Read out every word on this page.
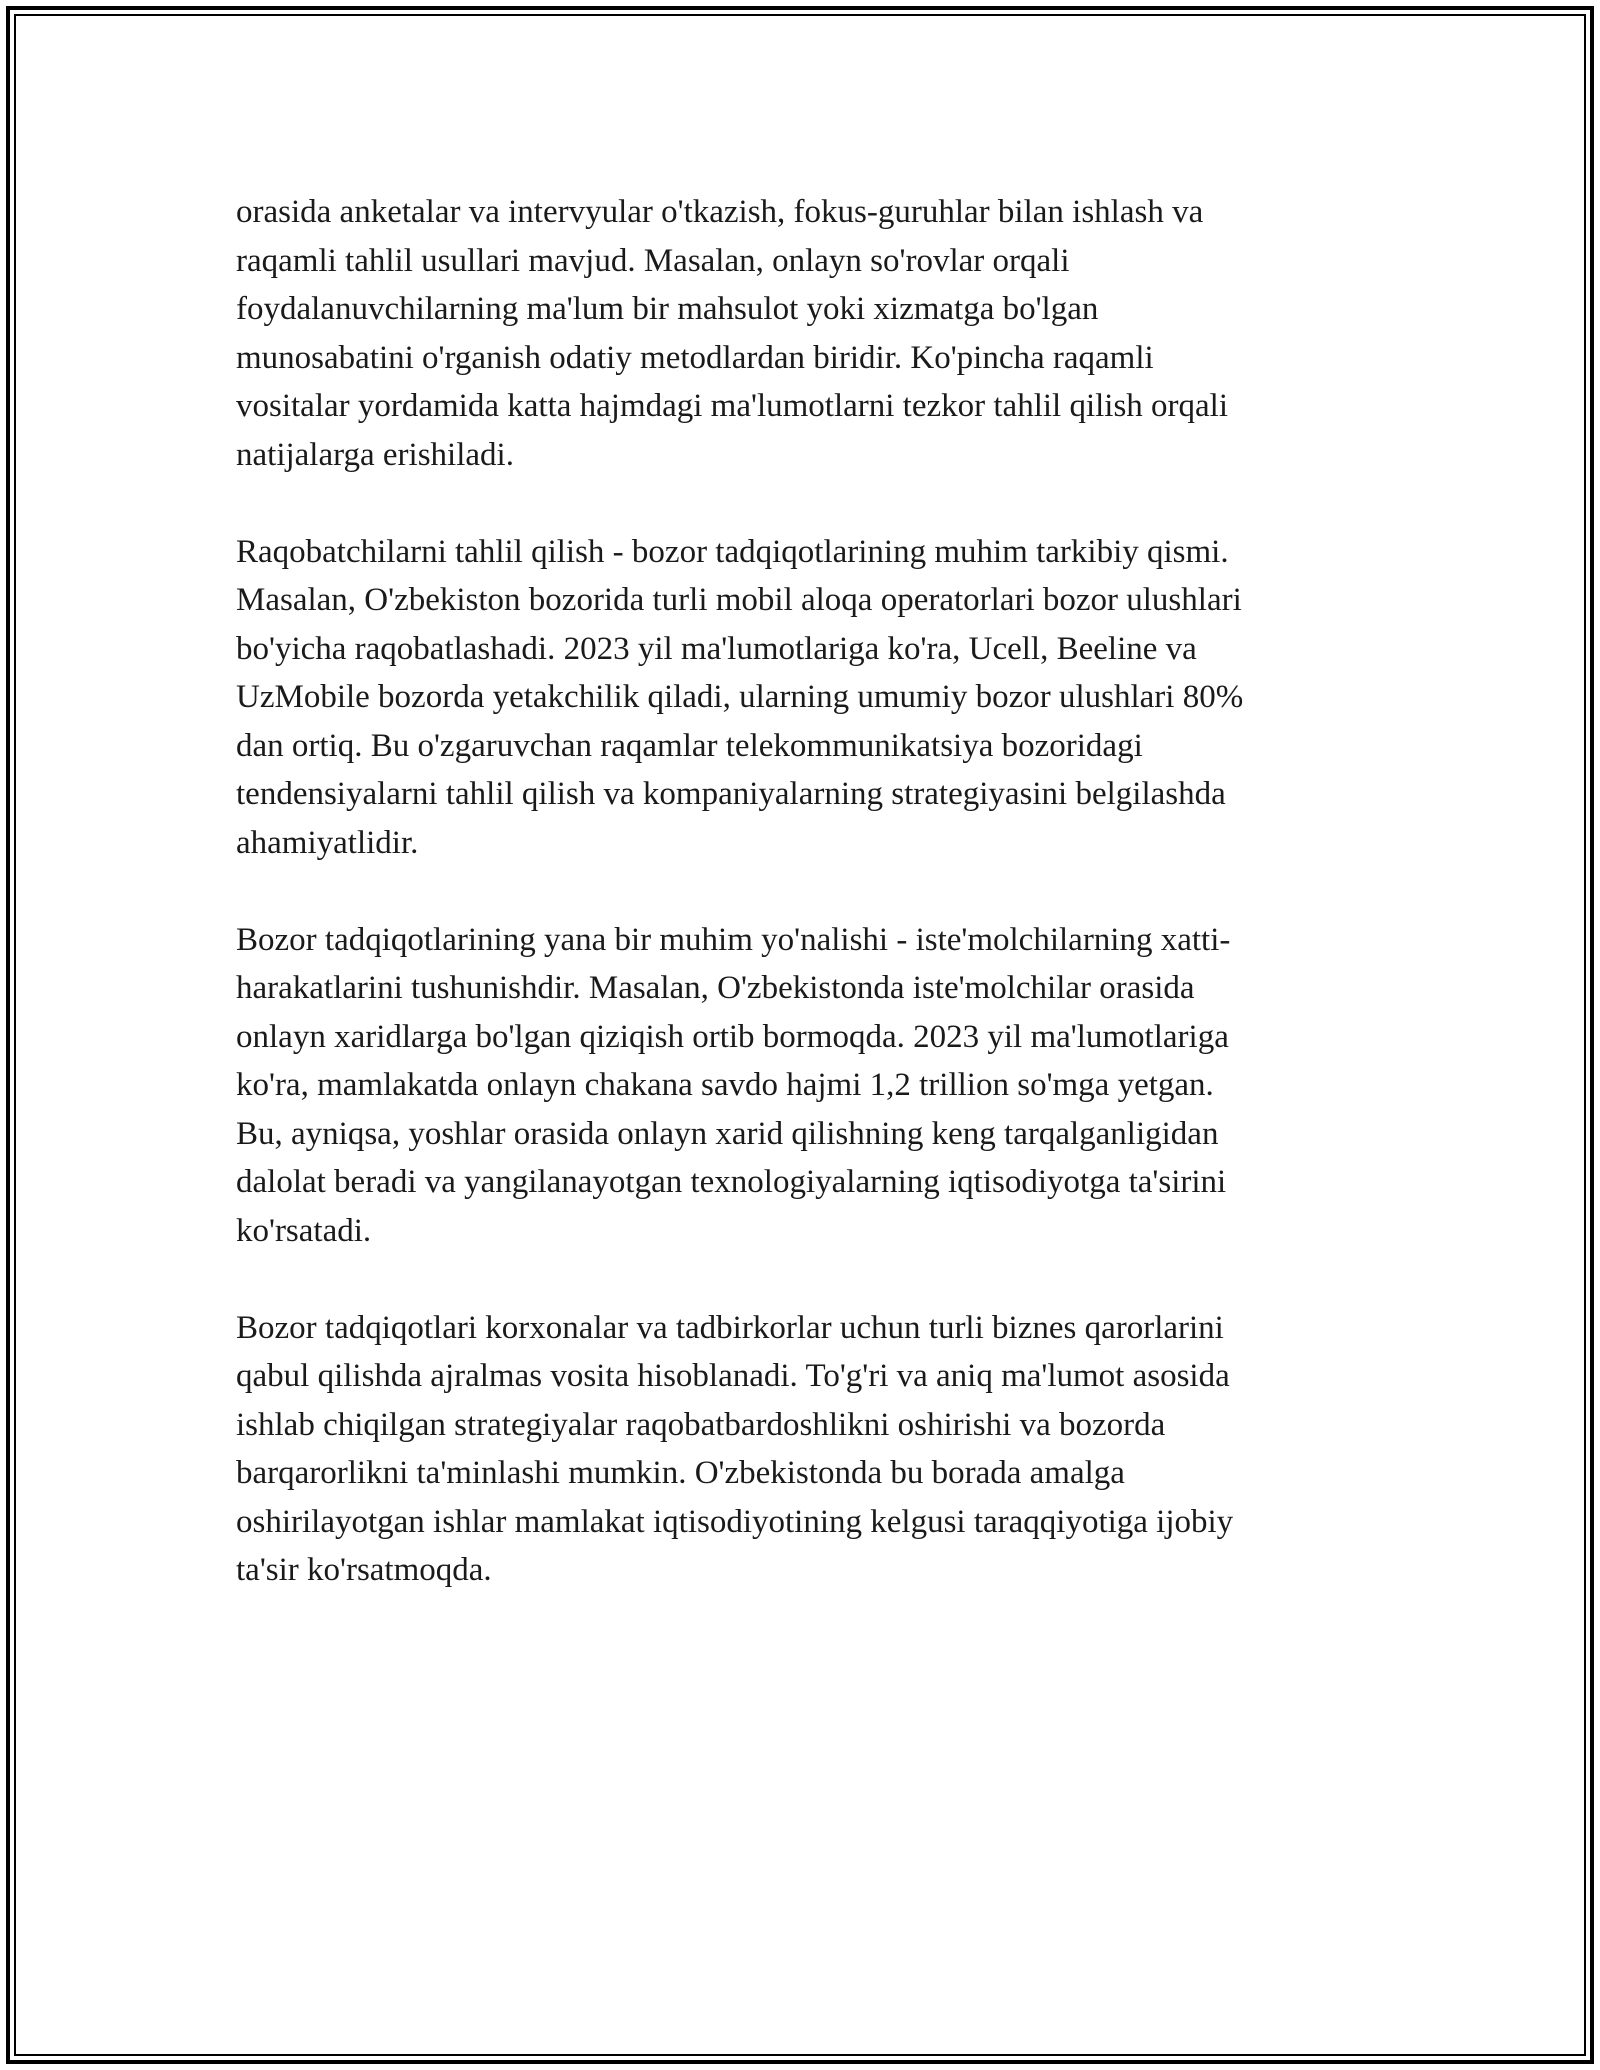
orasida anketalar va intervyular o'tkazish, fokus-guruhlar bilan ishlash va
raqamli tahlil usullari mavjud. Masalan, onlayn so'rovlar orqali
foydalanuvchilarning ma'lum bir mahsulot yoki xizmatga bo'lgan
munosabatini o'rganish odatiy metodlardan biridir. Ko'pincha raqamli
vositalar yordamida katta hajmdagi ma'lumotlarni tezkor tahlil qilish orqali
natijalarga erishiladi.

Raqobatchilarni tahlil qilish - bozor tadqiqotlarining muhim tarkibiy qismi.
Masalan, O'zbekiston bozorida turli mobil aloqa operatorlari bozor ulushlari
bo'yicha raqobatlashadi. 2023 yil ma'lumotlariga ko'ra, Ucell, Beeline va
UzMobile bozorda yetakchilik qiladi, ularning umumiy bozor ulushlari 80%
dan ortiq. Bu o'zgaruvchan raqamlar telekommunikatsiya bozoridagi
tendensiyalarni tahlil qilish va kompaniyalarning strategiyasini belgilashda
ahamiyatlidir.

Bozor tadqiqotlarining yana bir muhim yo'nalishi - iste'molchilarning xatti-
harakatlarini tushunishdir. Masalan, O'zbekistonda iste'molchilar orasida
onlayn xaridlarga bo'lgan qiziqish ortib bormoqda. 2023 yil ma'lumotlariga
ko'ra, mamlakatda onlayn chakana savdo hajmi 1,2 trillion so'mga yetgan.
Bu, ayniqsa, yoshlar orasida onlayn xarid qilishning keng tarqalganligidan
dalolat beradi va yangilanayotgan texnologiyalarning iqtisodiyotga ta'sirini
ko'rsatadi.

Bozor tadqiqotlari korxonalar va tadbirkorlar uchun turli biznes qarorlarini
qabul qilishda ajralmas vosita hisoblanadi. To'g'ri va aniq ma'lumot asosida
ishlab chiqilgan strategiyalar raqobatbardoshlikni oshirishi va bozorda
barqarorlikni ta'minlashi mumkin. O'zbekistonda bu borada amalga
oshirilayotgan ishlar mamlakat iqtisodiyotining kelgusi taraqqiyotiga ijobiy
ta'sir ko'rsatmoqda.
